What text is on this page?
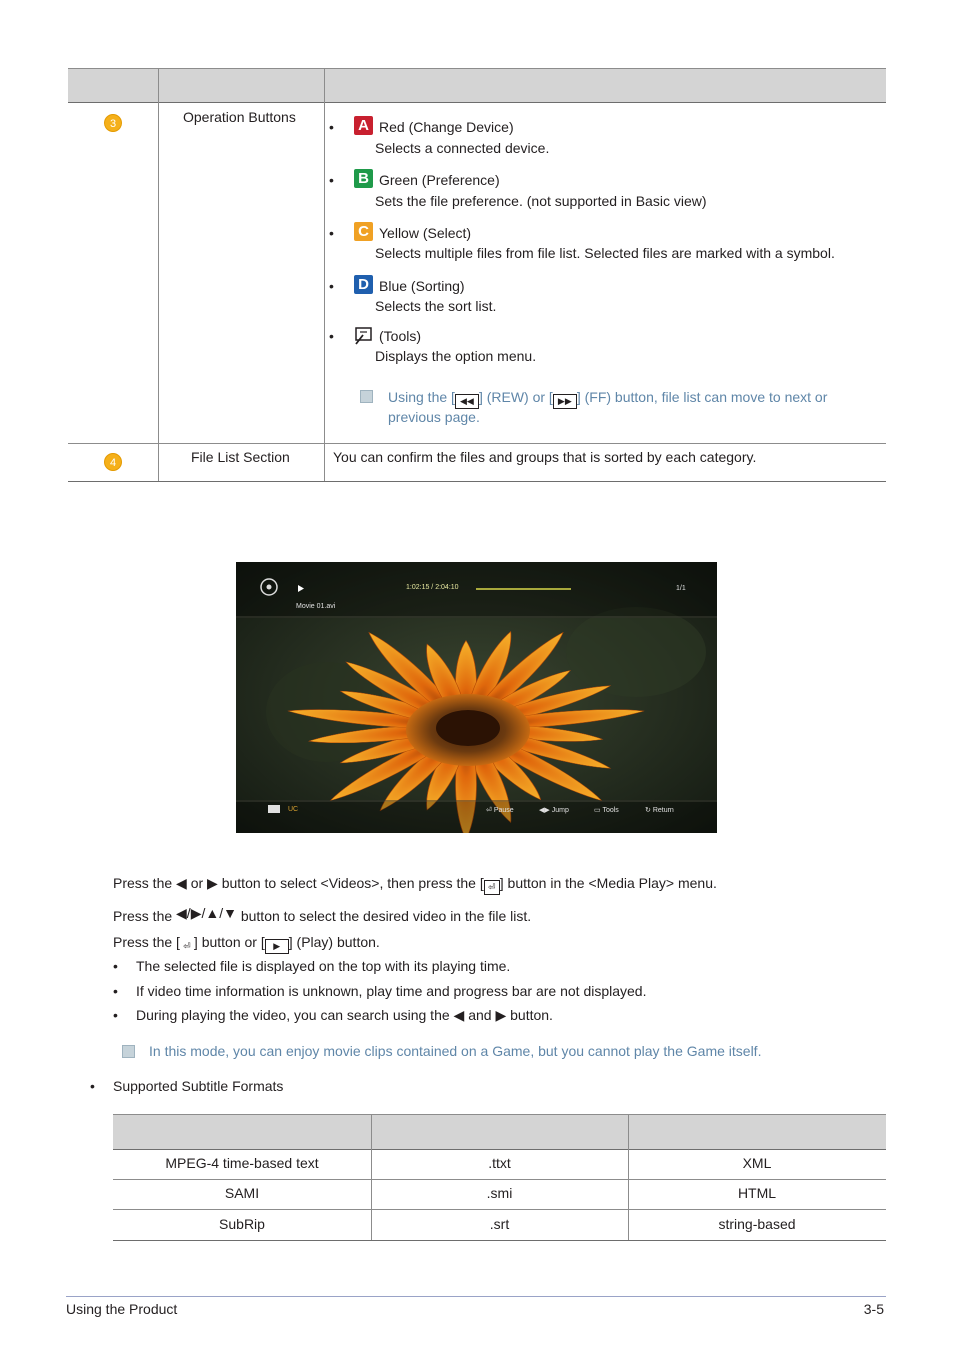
3	Operation Buttons
• A Red (Change Device)
Selects a connected device.
• B Green (Preference)
Sets the file preference. (not supported in Basic view)
• C Yellow (Select)
Selects multiple files from file list. Selected files are marked with a symbol.
• D Blue (Sorting)
Selects the sort list.
•	(Tools)
Displays the option menu.
Using the [ ◀◀ ] (REW) or [ ▶▶ ] (FF) button, file list can move to next or
previous page.
4	File List Section	You can confirm the files and groups that is sorted by each category.
1:02:15 / 2:04:10	1/1
Movie 01.avi
UC	⏎ Pause	◀▶ Jump	▭ Tools	↻ Return
Press the ◀ or ▶ button to select <Videos>, then press the [ ⏎ ] button in the <Media Play> menu.
Press the ◀/▶/▲/▼ button to select the desired video in the file list.
Press the [ ⏎ ] button or [ ▶ ] (Play) button.
• The selected file is displayed on the top with its playing time.
• If video time information is unknown, play time and progress bar are not displayed.
• During playing the video, you can search using the ◀ and ▶ button.
In this mode, you can enjoy movie clips contained on a Game, but you cannot play the Game itself.
• Supported Subtitle Formats
MPEG-4 time-based text	.ttxt	XML
SAMI	.smi	HTML
SubRip	.srt	string-based
Using the Product	3-5
